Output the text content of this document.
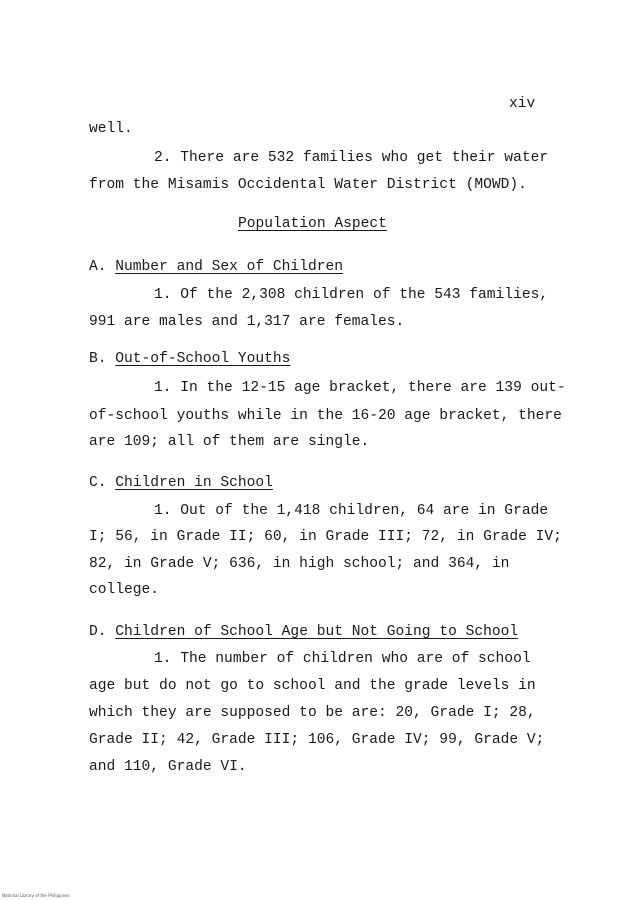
xiv
well.
2. There are 532 families who get their water
from the Misamis Occidental Water District (MOWD).
Population Aspect
A. Number and Sex of Children
1. Of the 2,308 children of the 543 families,
991 are males and 1,317 are females.
B. Out-of-School Youths
1. In the 12-15 age bracket, there are 139 out-
of-school youths while in the 16-20 age bracket, there
are 109; all of them are single.
C. Children in School
1. Out of the 1,418 children, 64 are in Grade
I; 56, in Grade II; 60, in Grade III; 72, in Grade IV;
82, in Grade V; 636, in high school; and 364, in
college.
D. Children of School Age but Not Going to School
1. The number of children who are of school
age but do not go to school and the grade levels in
which they are supposed to be are: 20, Grade I; 28,
Grade II; 42, Grade III; 106, Grade IV; 99, Grade V;
and 110, Grade VI.
National Library of the Philippines
